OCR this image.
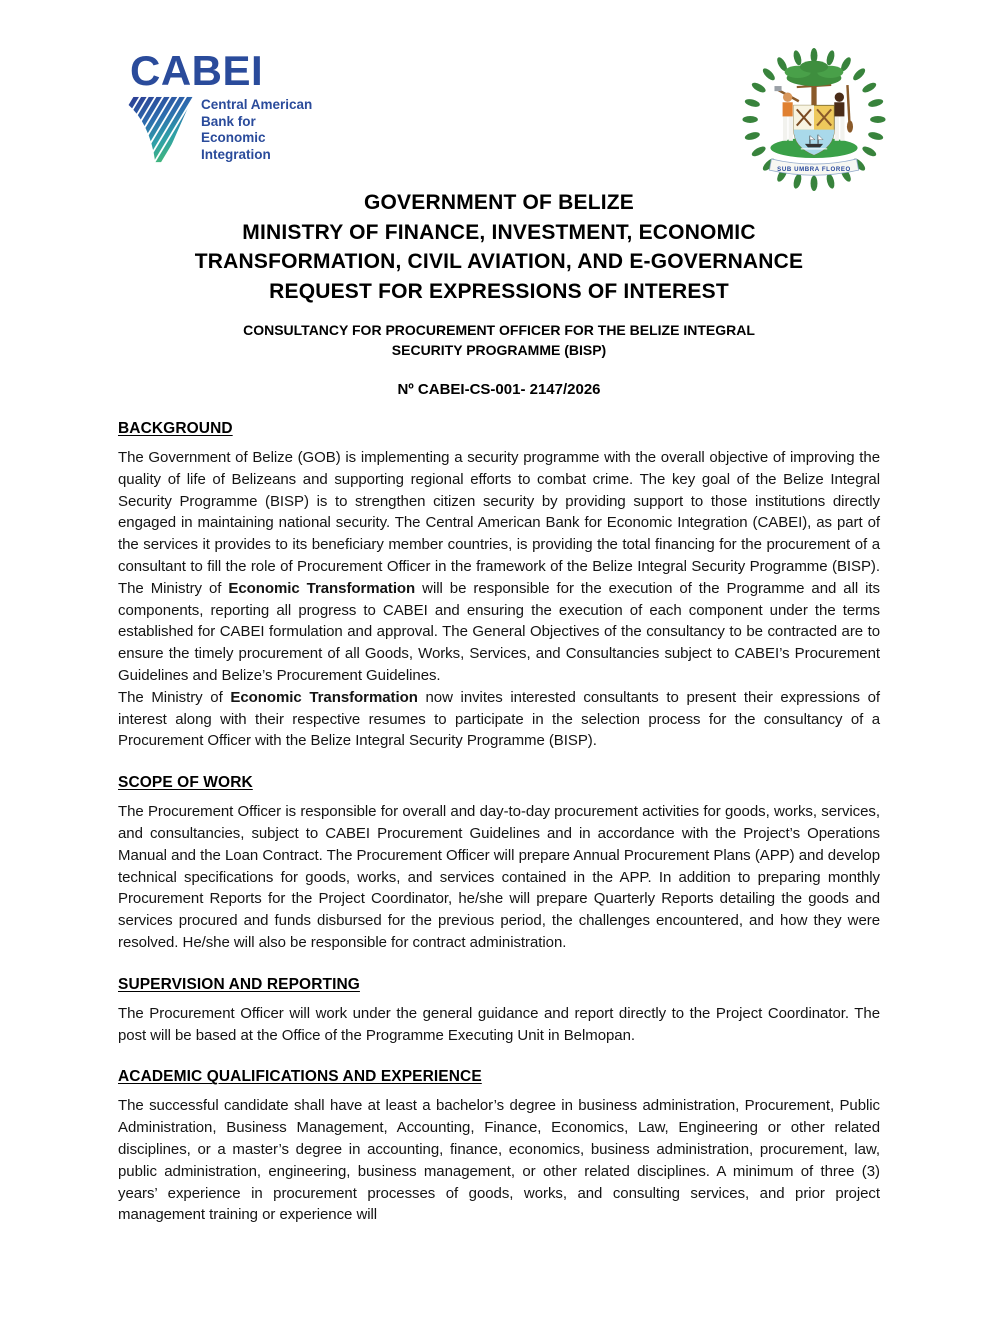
CABEI
Central American
Bank for
Economic
Integration
SUB UMBRA FLOREO
GOVERNMENT OF BELIZE
MINISTRY OF FINANCE, INVESTMENT, ECONOMIC
TRANSFORMATION, CIVIL AVIATION, AND E-GOVERNANCE
REQUEST FOR EXPRESSIONS OF INTEREST
CONSULTANCY FOR PROCUREMENT OFFICER FOR THE BELIZE INTEGRAL
SECURITY PROGRAMME (BISP)
Nº CABEI-CS-001- 2147/2026
BACKGROUND

The Government of Belize (GOB) is implementing a security programme with the overall objective of improving the quality of life of Belizeans and supporting regional efforts to combat crime. The key goal of the Belize Integral Security Programme (BISP) is to strengthen citizen security by providing support to those institutions directly engaged in maintaining national security. The Central American Bank for Economic Integration (CABEI), as part of the services it provides to its beneficiary member countries, is providing the total financing for the procurement of a consultant to fill the role of Procurement Officer in the framework of the Belize Integral Security Programme (BISP). The Ministry of Economic Transformation will be responsible for the execution of the Programme and all its components, reporting all progress to CABEI and ensuring the execution of each component under the terms established for CABEI formulation and approval. The General Objectives of the consultancy to be contracted are to ensure the timely procurement of all Goods, Works, Services, and Consultancies subject to CABEI’s Procurement Guidelines and Belize’s Procurement Guidelines.

The Ministry of Economic Transformation now invites interested consultants to present their expressions of interest along with their respective resumes to participate in the selection process for the consultancy of a Procurement Officer with the Belize Integral Security Programme (BISP).

SCOPE OF WORK

The Procurement Officer is responsible for overall and day-to-day procurement activities for goods, works, services, and consultancies, subject to CABEI Procurement Guidelines and in accordance with the Project’s Operations Manual and the Loan Contract. The Procurement Officer will prepare Annual Procurement Plans (APP) and develop technical specifications for goods, works, and services contained in the APP. In addition to preparing monthly Procurement Reports for the Project Coordinator, he/she will prepare Quarterly Reports detailing the goods and services procured and funds disbursed for the previous period, the challenges encountered, and how they were resolved. He/she will also be responsible for contract administration.

SUPERVISION AND REPORTING

The Procurement Officer will work under the general guidance and report directly to the Project Coordinator. The post will be based at the Office of the Programme Executing Unit in Belmopan.

ACADEMIC QUALIFICATIONS AND EXPERIENCE

The successful candidate shall have at least a bachelor’s degree in business administration, Procurement, Public Administration, Business Management, Accounting, Finance, Economics, Law, Engineering or other related disciplines, or a master’s degree in accounting, finance, economics, business administration, procurement, law, public administration, engineering, business management, or other related disciplines. A minimum of three (3) years’ experience in procurement processes of goods, works, and consulting services, and prior project management training or experience will
